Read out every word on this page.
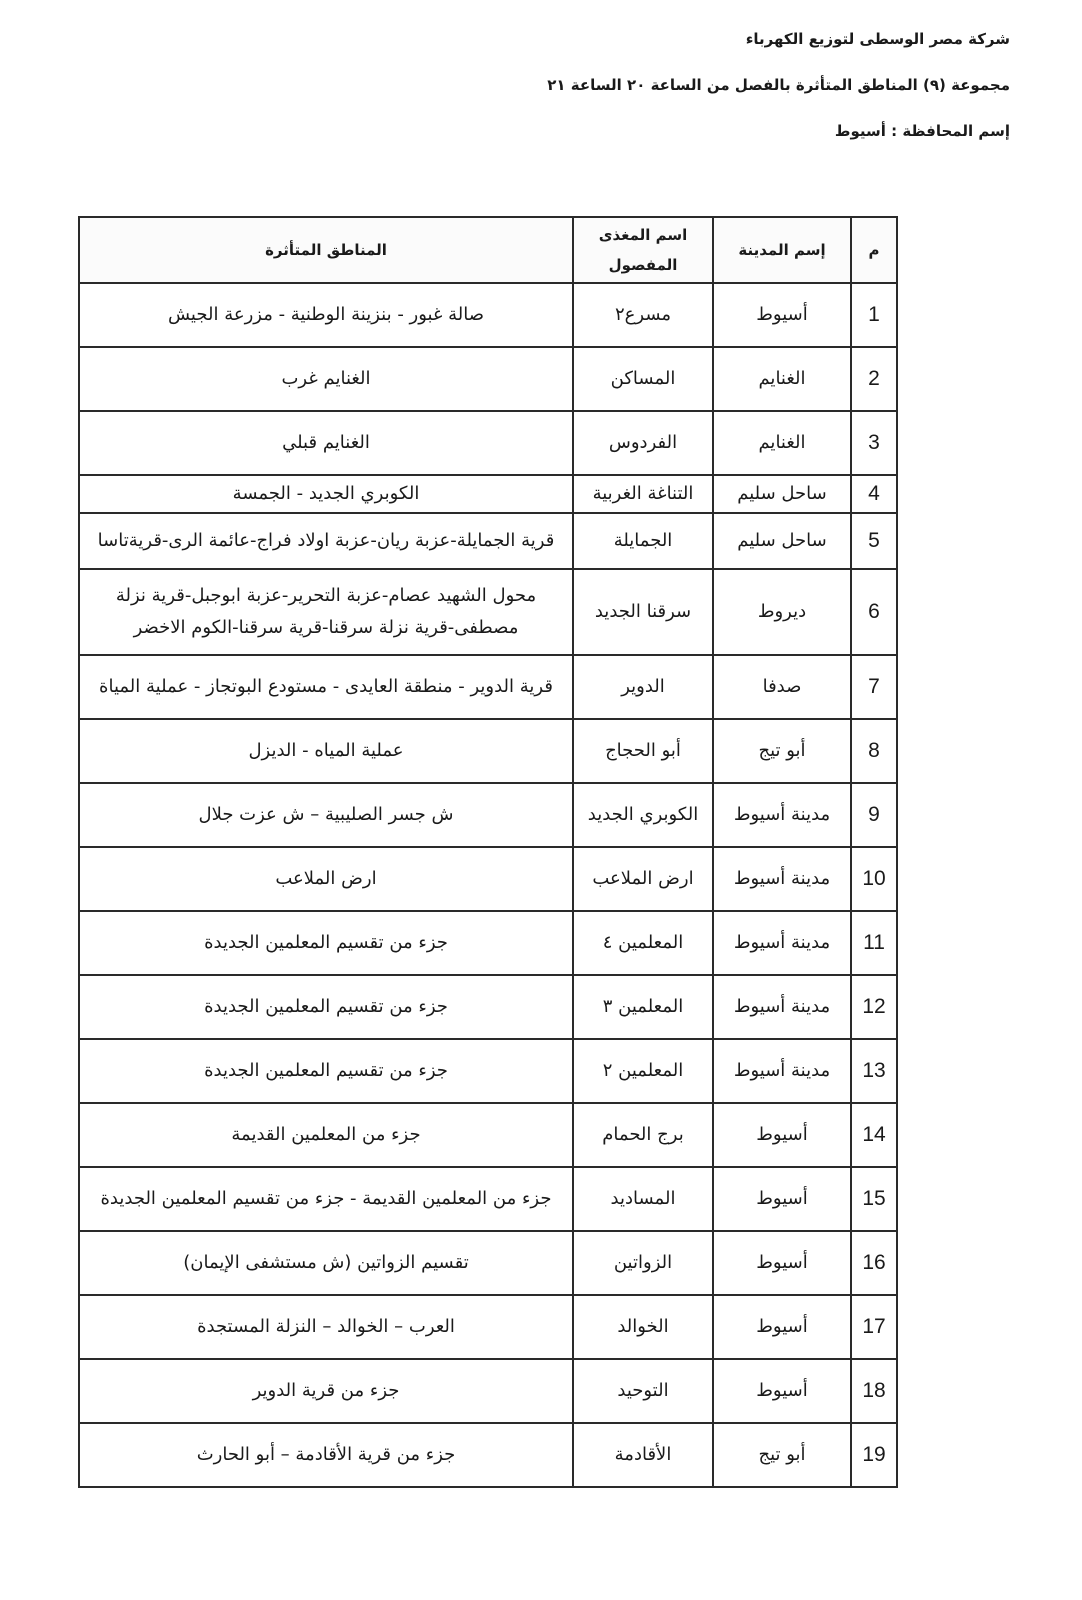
شركة مصر الوسطى لتوزيع الكهرباء
مجموعة (٩) المناطق المتأثرة بالفصل من الساعة ٢٠ الساعة ٢١
إسم المحافظة : أسيوط
م	إسم المدينة	اسم المغذى المفصول	المناطق المتأثرة
1	أسيوط	مسرع٢	صالة غبور - بنزينة الوطنية - مزرعة الجيش
2	الغنايم	المساكن	الغنايم غرب
3	الغنايم	الفردوس	الغنايم قبلي
4	ساحل سليم	التناغة الغربية	الكوبري الجديد - الجمسة
5	ساحل سليم	الجمايلة	قرية الجمايلة-عزبة ريان-عزبة اولاد فراج-عائمة الرى-قريةتاسا
6	ديروط	سرقنا الجديد	محول الشهيد عصام-عزبة التحرير-عزبة ابوجبل-قرية نزلة مصطفى-قرية نزلة سرقنا-قرية سرقنا-الكوم الاخضر
7	صدفا	الدوير	قرية الدوير - منطقة العايدى - مستودع البوتجاز - عملية المياة
8	أبو تيج	أبو الحجاج	عملية المياه - الديزل
9	مدينة أسيوط	الكوبري الجديد	ش جسر الصليبية – ش عزت جلال
10	مدينة أسيوط	ارض الملاعب	ارض الملاعب
11	مدينة أسيوط	المعلمين ٤	جزء من تقسيم المعلمين الجديدة
12	مدينة أسيوط	المعلمين ٣	جزء من تقسيم المعلمين الجديدة
13	مدينة أسيوط	المعلمين ٢	جزء من تقسيم المعلمين الجديدة
14	أسيوط	برج الحمام	جزء من المعلمين القديمة
15	أسيوط	المساديد	جزء من المعلمين القديمة - جزء من تقسيم المعلمين الجديدة
16	أسيوط	الزواتين	تقسيم الزواتين (ش مستشفى الإيمان)
17	أسيوط	الخوالد	العرب – الخوالد – النزلة المستجدة
18	أسيوط	التوحيد	جزء من قرية الدوير
19	أبو تيج	الأقادمة	جزء من قرية الأقادمة – أبو الحارث
